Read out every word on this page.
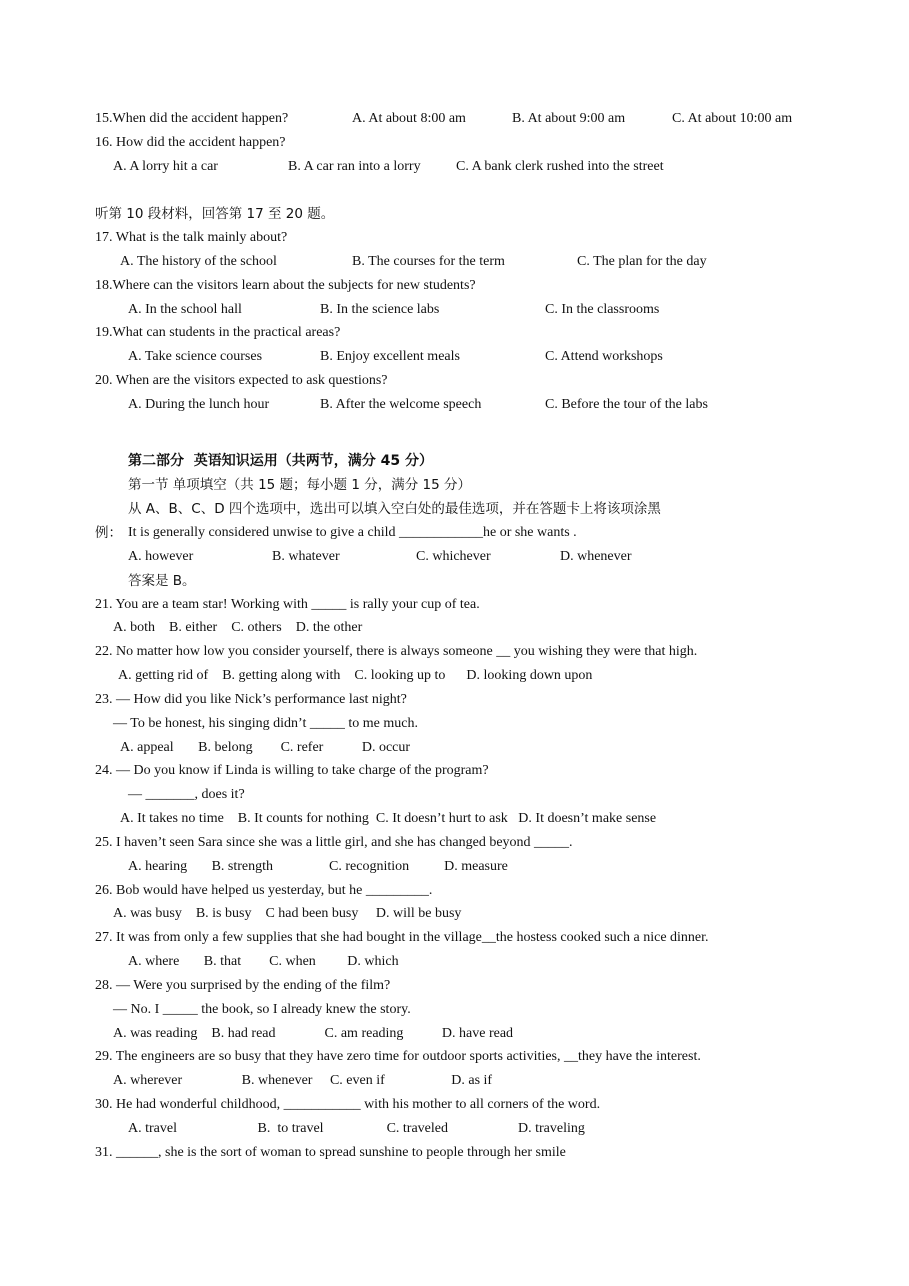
15.When did the accident happen?	A. At about 8:00 am	B. At about 9:00 am	C. At about 10:00 am
16. How did the accident happen?
A. A lorry hit a car	B. A car ran into a lorry	C. A bank clerk rushed into the street
听第 10 段材料，回答第 17 至 20 题。
17. What is the talk mainly about?
A. The history of the school	B. The courses for the term	C. The plan for the day
18.Where can the visitors learn about the subjects for new students?
A. In the school hall	B. In the science labs	C. In the classrooms
19.What can students in the practical areas?
A. Take science courses	B. Enjoy excellent meals	C. Attend workshops
20. When are the visitors expected to ask questions?
A. During the lunch hour	B. After the welcome speech	C. Before the tour of the labs
第二部分  英语知识运用（共两节，满分 45 分）
第一节 单项填空（共 15 题；每小题 1 分，满分 15 分）
从 A、B、C、D 四个选项中，选出可以填入空白处的最佳选项，并在答题卡上将该项涂黑
例： It is generally considered unwise to give a child ____________he or she wants .
A. however	B. whatever	C. whichever	D. whenever
答案是 B。
21. You are a team star! Working with _____ is rally your cup of tea.
A. both    B. either    C. others    D. the other
22. No matter how low you consider yourself, there is always someone __ you wishing they were that high.
A. getting rid of    B. getting along with    C. looking up to      D. looking down upon
23. — How did you like Nick’s performance last night?
— To be honest, his singing didn’t _____ to me much.
A. appeal       B. belong        C. refer           D. occur
24. — Do you know if Linda is willing to take charge of the program?
— _______, does it?
A. It takes no time    B. It counts for nothing  C. It doesn’t hurt to ask   D. It doesn’t make sense
25. I haven’t seen Sara since she was a little girl, and she has changed beyond _____.
A. hearing       B. strength                C. recognition          D. measure
26. Bob would have helped us yesterday, but he _________.
A. was busy    B. is busy    C had been busy     D. will be busy
27. It was from only a few supplies that she had bought in the village__the hostess cooked such a nice dinner.
A. where       B. that        C. when         D. which
28. — Were you surprised by the ending of the film?
— No. I _____ the book, so I already knew the story.
A. was reading    B. had read              C. am reading           D. have read
29. The engineers are so busy that they have zero time for outdoor sports activities, __they have the interest.
A. wherever                 B. whenever     C. even if                   D. as if
30. He had wonderful childhood, ___________ with his mother to all corners of the word.
A. travel                       B.  to travel                  C. traveled                    D. traveling
31. ______, she is the sort of woman to spread sunshine to people through her smile
